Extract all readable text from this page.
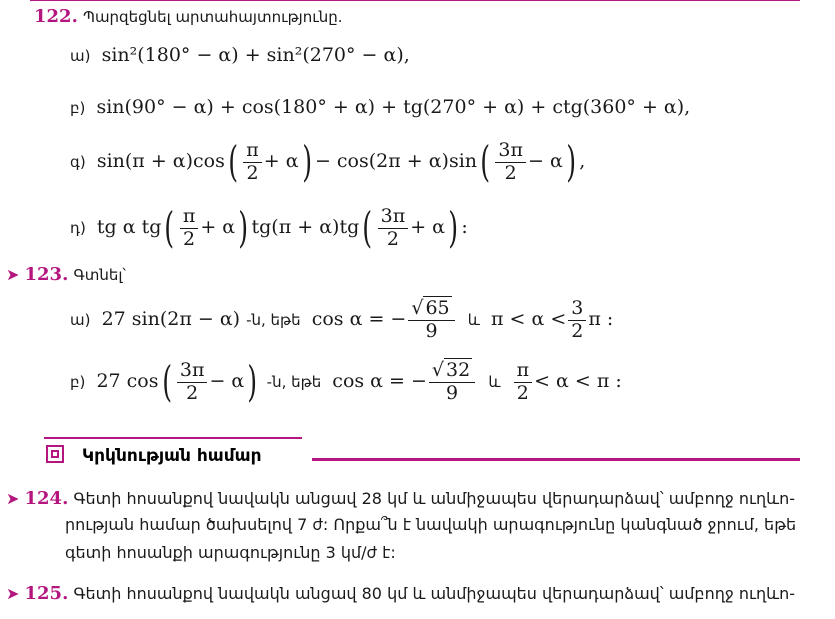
122. Պարզեցնել արտահայտությունը.
ա) sin²(180° − α) + sin²(270° − α),
բ) sin(90° − α) + cos(180° + α) + tg(270° + α) + ctg(360° + α),
գ) $\sin(\pi + \alpha)\cos( \frac{\pi}{2} + \alpha) - \cos(2\pi + \alpha)\sin( \frac{3\pi}{2} - \alpha)$ ,
դ) tg α $tg( \frac{\pi}{2} + \alpha)$ $tg(\pi + \alpha)tg( \frac{3\pi}{2} + \alpha)$ :
➤ 123. Գտնել՝
ա) 27 sin(2π − α) -ն, եթե cos α = − $\frac{√ 65}{9}$ և $\pi < \alpha < \frac{3}{2}$ π :
բ) 27 $\cos( \frac{3\pi}{2} - \alpha)$ -ն, եթե cos α = − $\frac{√ 32}{9}$ և $\frac{\pi}{2} < \alpha < \pi$ :
Կրկնության համար
➤ 124. Գետի հոսանքով նավակն անցավ 28 կմ և անմիջապես վերադարձավ՝ ամբողջ ուղևո-
րության համար ծախսելով 7 ժ: Որքա՞ն է նավակի արագությունը կանգնած ջրում, եթե
գետի հոսանքի արագությունը 3 կմ/ժ է:
➤ 125. Գետի հոսանքով նավակն անցավ 80 կմ և անմիջապես վերադարձավ՝ ամբողջ ուղևո-
